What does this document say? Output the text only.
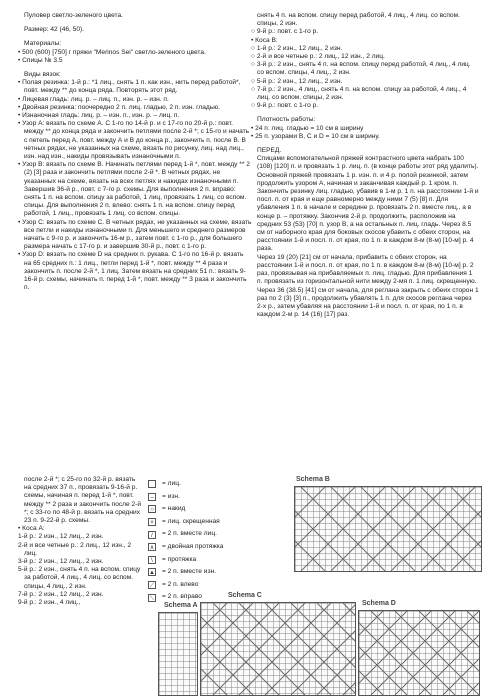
Пуловер светло-зеленого цвета.

Размер: 42 (46, 50).

Материалы:

• 500 (600) [750] г пряжи "Merinos Sei" светло-зеленого цвета.

• Спицы № 3.5

Виды вязок:

• Полая резинка: 1-й р.: *1 лиц., снять 1 п. как изн., нить перед работой*, повт. между ** до конца ряда. Повторять этот ряд.

• Лицевая гладь: лиц. р. – лиц. п., изн. р. – изн. п.

• Двойная резинка: поочередно 2 п. лиц. гладью, 2 п. изн. гладью.

• Изнаночная гладь: лиц. р. – изн. п., изн. р. – лиц. п.

• Узор А: вязать по схеме А. С 1-го по 14-й р. и с 17-го по 20-й р.: повт. между ** до конца ряда и закончить петлями после 2-й *; с 15-го и начать с петель перед А, повт. между А и В до конца р., закончить п. после В. В четных рядах, не указанных на схеме, вязать по рисунку, лиц. над лиц., изн. над изн., накиды провязывать изнаночными п.

• Узор В: вязать по схеме В. Начинать петлями перед 1-й *, повт. между ** 2 (2) [3] раза и закончить петлями после 2-й *. В четных рядах, не указанных на схеме, вязать на всех петлях и накидах изнаночными п. Завершив 36-й р., повт. с 7-го р. схемы. Для выполнения 2 п. вправо: снять 1 п. на вспом. спицу за работой, 1 лиц, провязать 1 лиц. со вспом. спицы. Для выполнения 2 п. влево: снять 1 п. на вспом. спицу перед работой, 1 лиц., провязать 1 лиц. со вспом. спицы.

• Узор С: вязать по схеме С. В четных рядах, не указанных на схеме, вязать все петли и накиды изнаночными п. Для меньшего и среднего размеров начать с 9-го р. и закончить 16-м р., затем повт. с 1-го р., для большего размера начать с 17-го р. и завершив 30-й р., повт. с 1-го р.

• Узор D: вязать по схеме D на средних п. рукава. С 1-го по 16-й р. вязать на 65 средних п.: 1 лиц., петли перед 1-й *, повт. между ** 4 раза и закончить п. после 2-й *, 1 лиц. Затем вязать на средних 51 п.: вязать 9-16-й р. схемы, начинать п. перед 1-й *, повт. между ** 3 раза и закончить п.

после 2-й *; с 25-го по 32-й р. вязать на средних 37 п., провязать 9-16-й р. схемы, начиная п. перед 1-й *, повт. между ** 2 раза и закончить после 2-й *; с 33-го по 48-й р. вязать на средних 23 п. 9-22-й р. схемы.

• Коса А:

1-й р.: 2 изн., 12 лиц., 2 изн.

2-й и все четные р.: 2 лиц., 12 изн., 2 лиц.

3-й р.: 2 изн., 12 лиц., 2 изн.

5-й р.: 2 изн., снять 4 п. на вспом. спицу за работой, 4 лиц., 4 лиц. со вспом. спицы, 4 лиц., 2 изн.

7-й р.: 2 изн., 12 лиц., 2 изн.

9-й р.: 2 изн., 4 лиц.,

снять 4 п. на вспом. спицу перед работой, 4 лиц., 4 лиц. со вспом. спицы, 2 изн.

○ 9-й р.: повт. с 1-го р.

• Коса В:

○ 1-й р.: 2 изн., 12 лиц., 2 изн.

○ 2-й и все четные р.: 2 лиц., 12 изн., 2 лиц.

○ 3-й р.: 2 изн., снять 4 п. на вспом. спицу перед работой, 4 лиц., 4 лиц. со вспом. спицы, 4 лиц., 2 изн.

○ 5-й р.: 2 изн., 12 лиц., 2 изн.

○ 7-й р.: 2 изн., 4 лиц., снять 4 п. на вспом. спицу за работой, 4 лиц., 4 лиц. со вспом. спицы, 2 изн.

○ 9-й р.: повт. с 1-го р.

Плотность работы:

• 24 п. лиц. гладью = 10 см в ширину

• 25 п. узорами В, С и D = 10 см в ширину.

ПЕРЕД.

Спицами вспомогательной пряжей контрастного цвета набрать 100 (108) [120] п. и провязать 1 р. лиц. п. (в конце работы этот ряд удалить). Основной пряжей провязать 1 р. изн. п. и 4 р. полой резинкой, затем продолжить узором А, начиная и заканчивая каждый р. 1 кром. п. Закончить резинку лиц. гладью, убавив в 1-м р. 1 п. на расстоянии 1-й и посл. п. от края и еще равномерно между ними 7 (5) [8] п. Для убавления 1 п. в начале и середине р. провязать 2 п. вместе лиц., а в конце р. – протяжку. Закончив 2-й р. продолжить, расположив на средних 53 (53) [70] п. узор В, а на остальных п. лиц. гладь. Через 8.5 см от наборного края для боковых скосов убавить с обеих сторон, на расстоянии 1-й и посл. п. от края, по 1 п. в каждом 8-м (8-м) [10-м] р. 4 раза.

Через 19 (20) [21] см от начала, прибавить с обеих сторон, на расстоянии 1-й и посл. п. от края, по 1 п. в каждом 8-м (8-м) [10-м] р. 2 раз, провязывая на прибавляемых п. лиц. гладью. Для прибавления 1 п. провязать из горизонтальной нити между 2-мя п. 1 лиц. скрещенную.

Через 36 (38.5) [41] см от начала, для реглана закрыть с обеих сторон 1 раз по 2 (3) [3] п., продолжить убавлять 1 п. для скосов реглана через 2-х р., затем убавляя на расстоянии 1-й и посл. п. от края, по 1 п. в каждом 2-м р. 14 (16) [17] раз.

= лиц.
–	= изн.
○	= накид
×	= лиц. скрещенная
/	= 2 п. вместе лиц.
∧ = двойная протяжка
\	= протяжка
▲ = 2 п. вместе изн.
⟋ = 2 п. влево
⟍ = 2 п. вправо
Schema B
Schema A
Schema C
Schema D
